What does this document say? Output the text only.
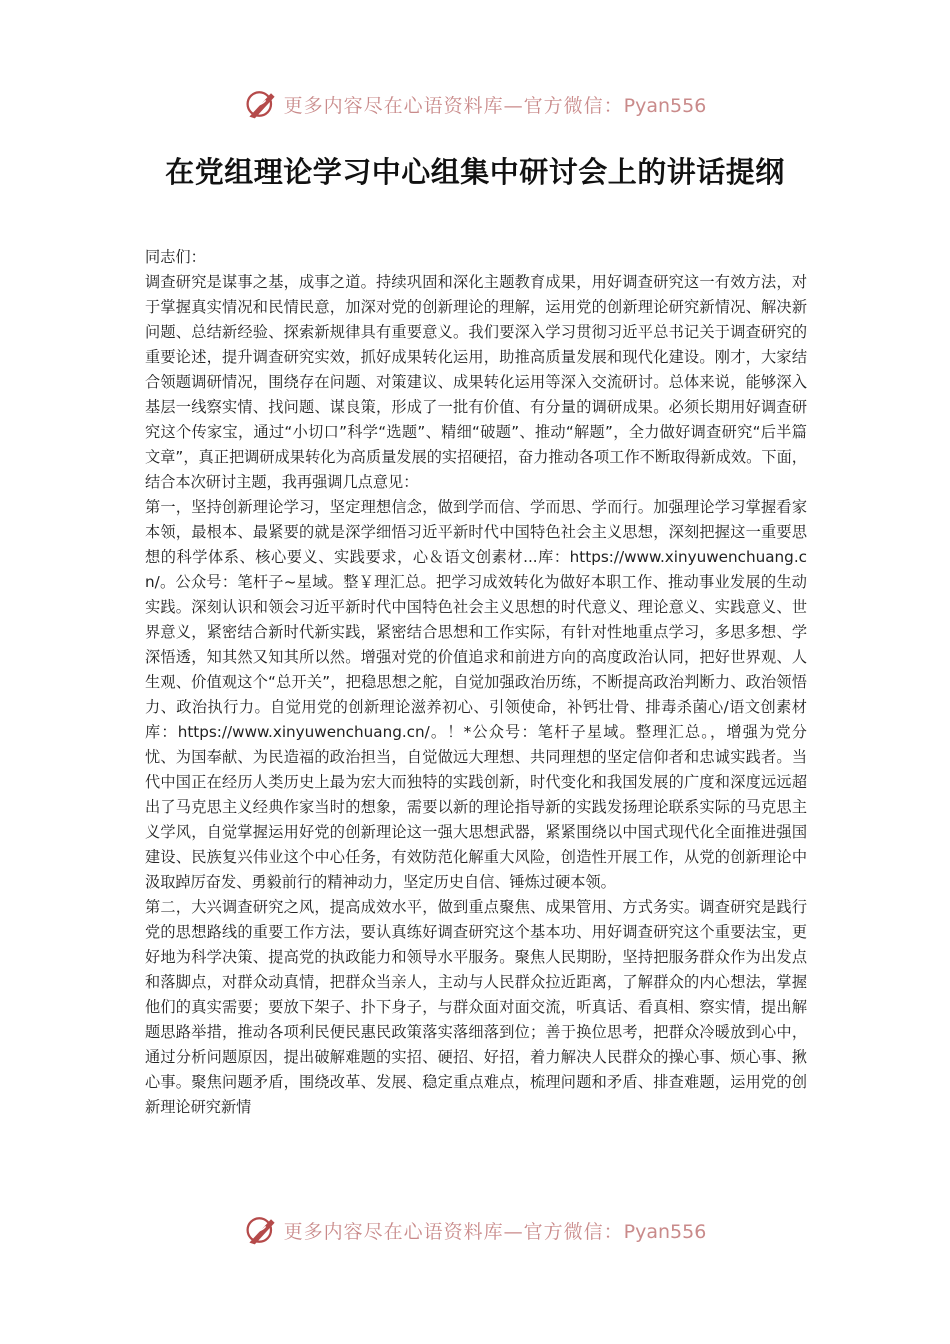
更多内容尽在心语资料库—官方微信：Pyan556
在党组理论学习中心组集中研讨会上的讲话提纲

同志们：

调查研究是谋事之基，成事之道。持续巩固和深化主题教育成果，用好调查研究这一有效方法，对于掌握真实情况和民情民意，加深对党的创新理论的理解，运用党的创新理论研究新情况、解决新问题、总结新经验、探索新规律具有重要意义。我们要深入学习贯彻习近平总书记关于调查研究的重要论述，提升调查研究实效，抓好成果转化运用，助推高质量发展和现代化建设。刚才，大家结合领题调研情况，围绕存在问题、对策建议、成果转化运用等深入交流研讨。总体来说，能够深入基层一线察实情、找问题、谋良策，形成了一批有价值、有分量的调研成果。必须长期用好调查研究这个传家宝，通过“小切口”科学“选题”、精细“破题”、推动“解题”，全力做好调查研究“后半篇文章”，真正把调研成果转化为高质量发展的实招硬招，奋力推动各项工作不断取得新成效。下面，结合本次研讨主题，我再强调几点意见：

第一，坚持创新理论学习，坚定理想信念，做到学而信、学而思、学而行。加强理论学习掌握看家本领，最根本、最紧要的就是深学细悟习近平新时代中国特色社会主义思想，深刻把握这一重要思想的科学体系、核心要义、实践要求，心＆语文创素材...库：https://www.xinyuwenchuang.cn/。公众号：笔杆子~星域。整￥理汇总。把学习成效转化为做好本职工作、推动事业发展的生动实践。深刻认识和领会习近平新时代中国特色社会主义思想的时代意义、理论意义、实践意义、世界意义，紧密结合新时代新实践，紧密结合思想和工作实际，有针对性地重点学习，多思多想、学深悟透，知其然又知其所以然。增强对党的价值追求和前进方向的高度政治认同，把好世界观、人生观、价值观这个“总开关”，把稳思想之舵，自觉加强政治历练，不断提高政治判断力、政治领悟力、政治执行力。自觉用党的创新理论滋养初心、引领使命，补钙壮骨、排毒杀菌心/语文创素材库：https://www.xinyuwenchuang.cn/。！*公众号：笔杆子星域。整理汇总。，增强为党分忧、为国奉献、为民造福的政治担当，自觉做远大理想、共同理想的坚定信仰者和忠诚实践者。当代中国正在经历人类历史上最为宏大而独特的实践创新，时代变化和我国发展的广度和深度远远超出了马克思主义经典作家当时的想象，需要以新的理论指导新的实践发扬理论联系实际的马克思主义学风，自觉掌握运用好党的创新理论这一强大思想武器，紧紧围绕以中国式现代化全面推进强国建设、民族复兴伟业这个中心任务，有效防范化解重大风险，创造性开展工作，从党的创新理论中汲取踔厉奋发、勇毅前行的精神动力，坚定历史自信、锤炼过硬本领。

第二，大兴调查研究之风，提高成效水平，做到重点聚焦、成果管用、方式务实。调查研究是践行党的思想路线的重要工作方法，要认真练好调查研究这个基本功、用好调查研究这个重要法宝，更好地为科学决策、提高党的执政能力和领导水平服务。聚焦人民期盼，坚持把服务群众作为出发点和落脚点，对群众动真情，把群众当亲人，主动与人民群众拉近距离，了解群众的内心想法，掌握他们的真实需要；要放下架子、扑下身子，与群众面对面交流，听真话、看真相、察实情，提出解题思路举措，推动各项利民便民惠民政策落实落细落到位；善于换位思考，把群众冷暖放到心中，通过分析问题原因，提出破解难题的实招、硬招、好招，着力解决人民群众的操心事、烦心事、揪心事。聚焦问题矛盾，围绕改革、发展、稳定重点难点，梳理问题和矛盾、排查难题，运用党的创新理论研究新情

更多内容尽在心语资料库—官方微信：Pyan556
